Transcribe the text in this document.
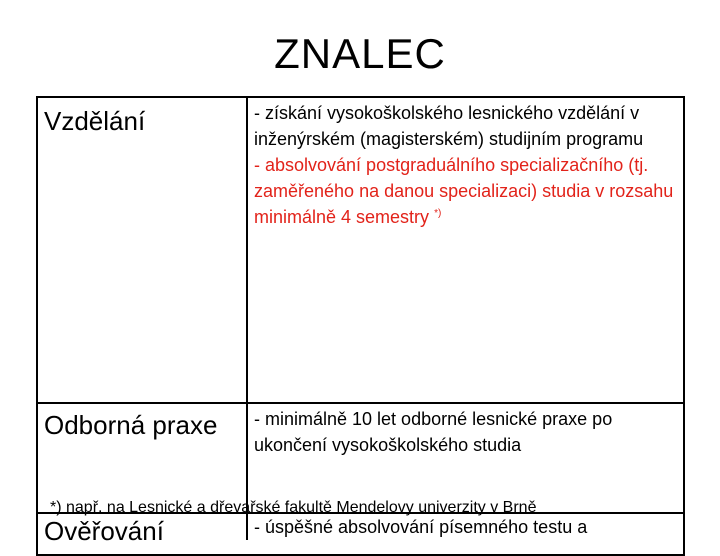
ZNALEC
Vzdělání	- získání vysokoškolského lesnického vzdělání v inženýrském (magisterském) studijním programu
- absolvování postgraduálního specializačního (tj. zaměřeného na danou specializaci) studia v rozsahu minimálně 4 semestry *)
Odborná praxe - minimálně 10 let odborné lesnické praxe po ukončení vysokoškolského studia
*) např. na Lesnické a dřevařské fakultě Mendelovy univerzity v Brně
Ověřování	- úspěšné absolvování písemného testu a
